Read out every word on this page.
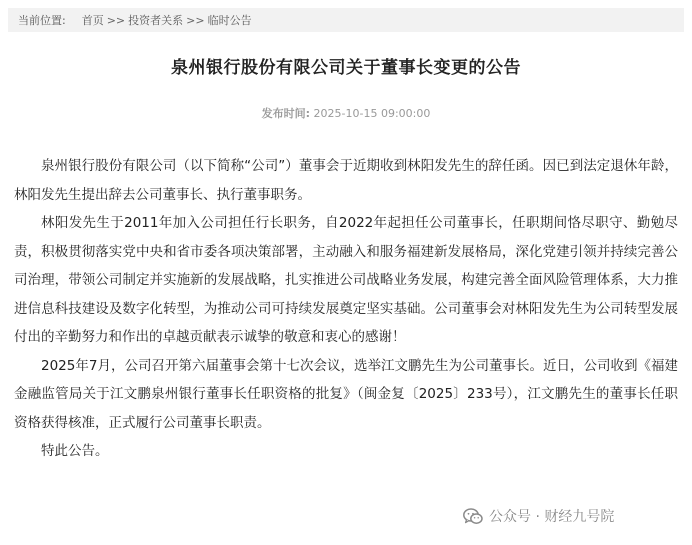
当前位置: 首页 >> 投资者关系 >> 临时公告
泉州银行股份有限公司关于董事长变更的公告
发布时间: 2025-10-15 09:00:00

泉州银行股份有限公司（以下简称“公司”）董事会于近期收到林阳发先生的辞任函。因已到法定退休年龄，林阳发先生提出辞去公司董事长、执行董事职务。

林阳发先生于2011年加入公司担任行长职务，自2022年起担任公司董事长，任职期间恪尽职守、勤勉尽责，积极贯彻落实党中央和省市委各项决策部署，主动融入和服务福建新发展格局，深化党建引领并持续完善公司治理，带领公司制定并实施新的发展战略，扎实推进公司战略业务发展，构建完善全面风险管理体系，大力推进信息科技建设及数字化转型，为推动公司可持续发展奠定坚实基础。公司董事会对林阳发先生为公司转型发展付出的辛勤努力和作出的卓越贡献表示诚挚的敬意和衷心的感谢！

2025年7月，公司召开第六届董事会第十七次会议，选举江文鹏先生为公司董事长。近日，公司收到《福建金融监管局关于江文鹏泉州银行董事长任职资格的批复》（闽金复〔2025〕233号），江文鹏先生的董事长任职资格获得核准，正式履行公司董事长职责。

特此公告。

公众号 · 财经九号院
